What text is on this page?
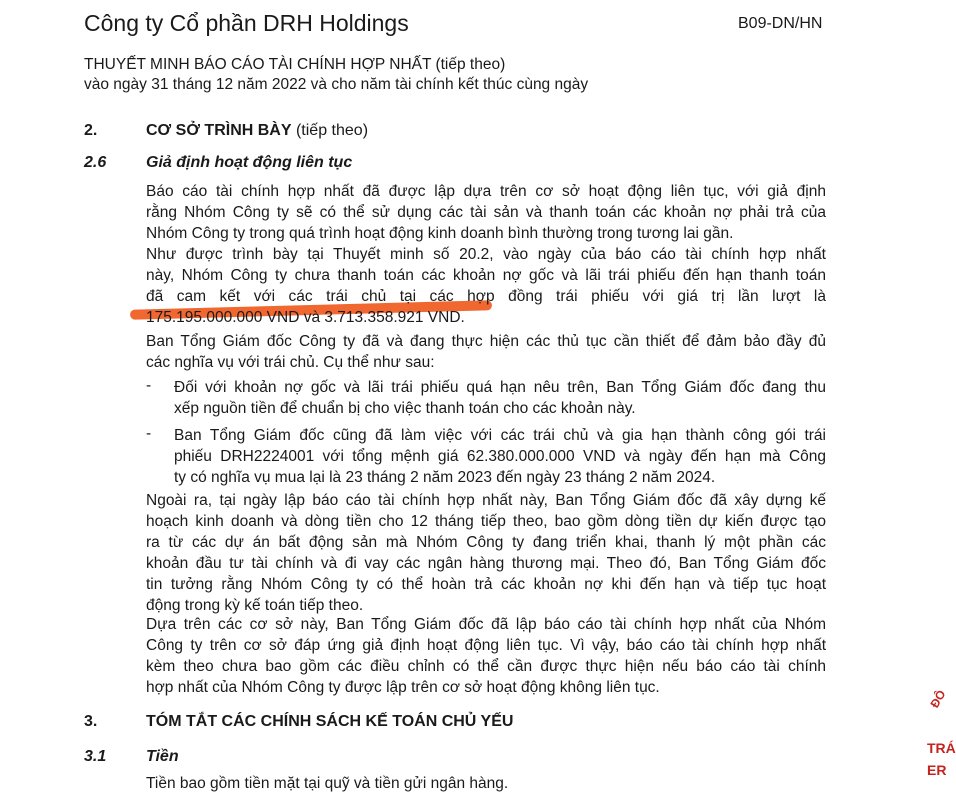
Công ty Cổ phần DRH Holdings	B09-DN/HN
THUYẾT MINH BÁO CÁO TÀI CHÍNH HỢP NHẤT (tiếp theo)
vào ngày 31 tháng 12 năm 2022 và cho năm tài chính kết thúc cùng ngày
2.	CƠ SỞ TRÌNH BÀY (tiếp theo)
2.6 Giả định hoạt động liên tục
Báo cáo tài chính hợp nhất đã được lập dựa trên cơ sở hoạt động liên tục, với giả định
rằng Nhóm Công ty sẽ có thể sử dụng các tài sản và thanh toán các khoản nợ phải trả của
Nhóm Công ty trong quá trình hoạt động kinh doanh bình thường trong tương lai gần.
Như được trình bày tại Thuyết minh số 20.2, vào ngày của báo cáo tài chính hợp nhất
này, Nhóm Công ty chưa thanh toán các khoản nợ gốc và lãi trái phiếu đến hạn thanh toán
đã cam kết với các trái chủ tại các hợp đồng trái phiếu với giá trị lần lượt là
175.195.000.000 VND và 3.713.358.921 VND.
Ban Tổng Giám đốc Công ty đã và đang thực hiện các thủ tục cần thiết để đảm bảo đầy đủ
các nghĩa vụ với trái chủ. Cụ thể như sau:
- Đối với khoản nợ gốc và lãi trái phiếu quá hạn nêu trên, Ban Tổng Giám đốc đang thu
xếp nguồn tiền để chuẩn bị cho việc thanh toán cho các khoản này.
- Ban Tổng Giám đốc cũng đã làm việc với các trái chủ và gia hạn thành công gói trái
phiếu DRH2224001 với tổng mệnh giá 62.380.000.000 VND và ngày đến hạn mà Công
ty có nghĩa vụ mua lại là 23 tháng 2 năm 2023 đến ngày 23 tháng 2 năm 2024.
Ngoài ra, tại ngày lập báo cáo tài chính hợp nhất này, Ban Tổng Giám đốc đã xây dựng kế
hoạch kinh doanh và dòng tiền cho 12 tháng tiếp theo, bao gồm dòng tiền dự kiến được tạo
ra từ các dự án bất động sản mà Nhóm Công ty đang triển khai, thanh lý một phần các
khoản đầu tư tài chính và đi vay các ngân hàng thương mại. Theo đó, Ban Tổng Giám đốc
tin tưởng rằng Nhóm Công ty có thể hoàn trả các khoản nợ khi đến hạn và tiếp tục hoạt
động trong kỳ kế toán tiếp theo.
Dựa trên các cơ sở này, Ban Tổng Giám đốc đã lập báo cáo tài chính hợp nhất của Nhóm
Công ty trên cơ sở đáp ứng giả định hoạt động liên tục. Vì vậy, báo cáo tài chính hợp nhất
kèm theo chưa bao gồm các điều chỉnh có thể cần được thực hiện nếu báo cáo tài chính
hợp nhất của Nhóm Công ty được lập trên cơ sở hoạt động không liên tục.
3.	TÓM TẮT CÁC CHÍNH SÁCH KẾ TOÁN CHỦ YẾU
3.1 Tiền
Tiền bao gồm tiền mặt tại quỹ và tiền gửi ngân hàng.
ĐÔ
TRÁ
ER
